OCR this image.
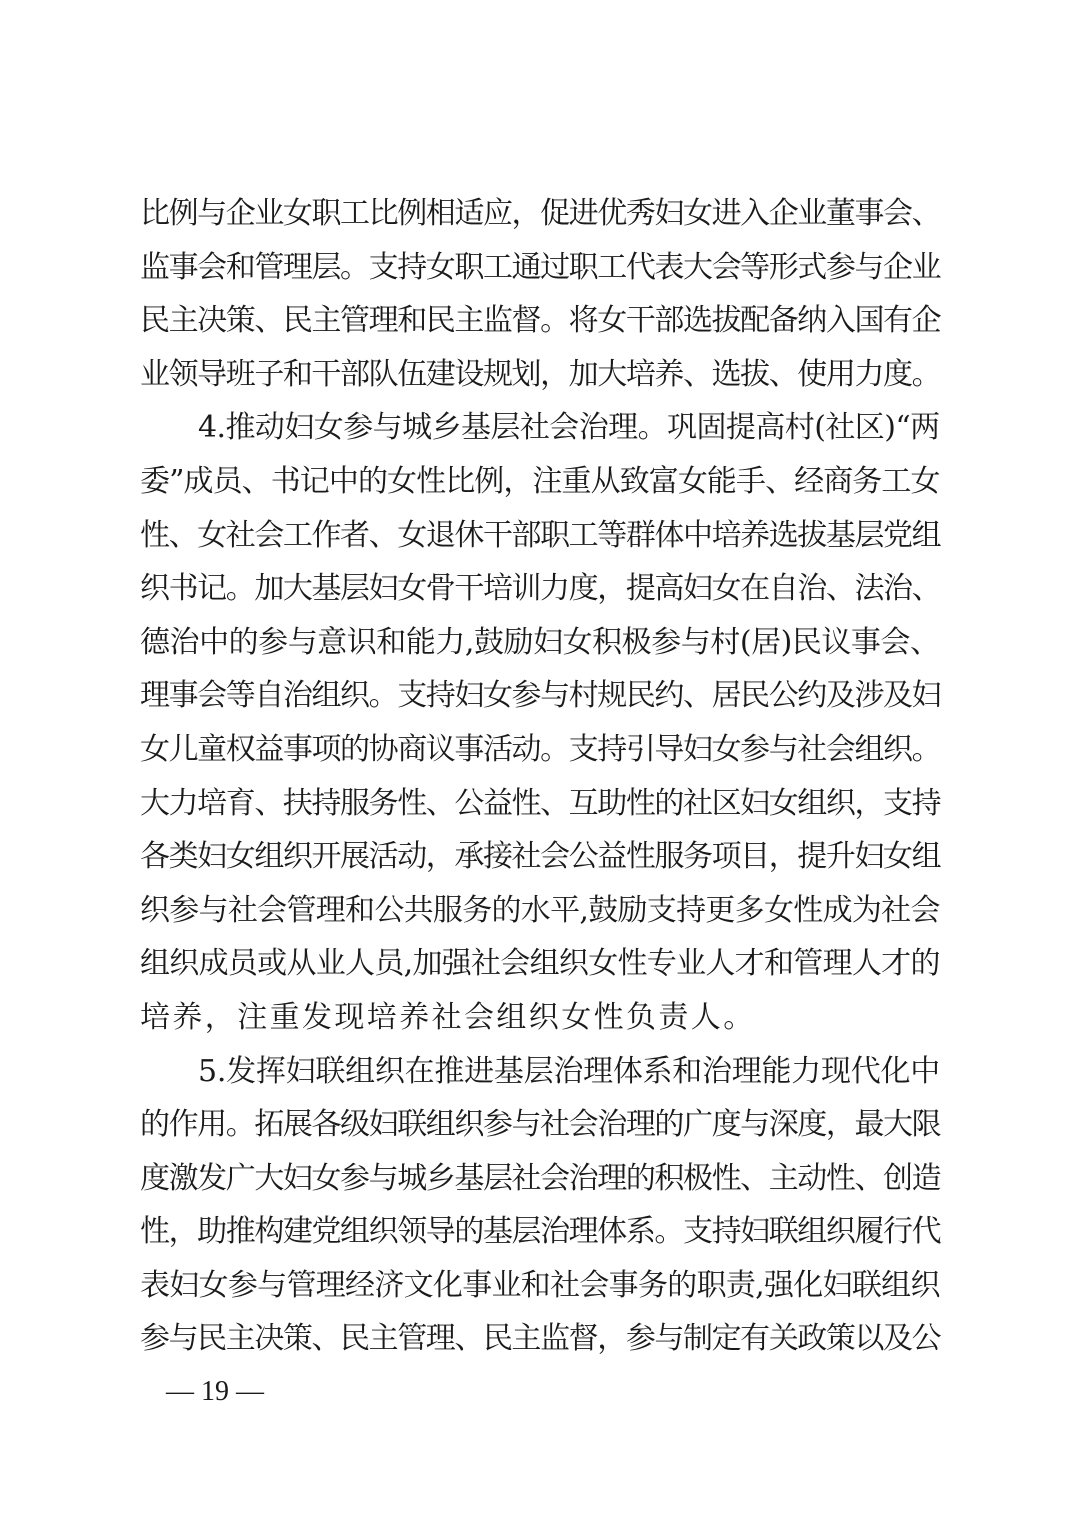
比例与企业女职工比例相适应，促进优秀妇女进入企业董事会、
监事会和管理层。支持女职工通过职工代表大会等形式参与企业
民主决策、民主管理和民主监督。将女干部选拔配备纳入国有企
业领导班子和干部队伍建设规划，加大培养、选拔、使用力度。
4.推动妇女参与城乡基层社会治理。巩固提高村(社区)“两
委”成员、书记中的女性比例，注重从致富女能手、经商务工女
性、女社会工作者、女退休干部职工等群体中培养选拔基层党组
织书记。加大基层妇女骨干培训力度，提高妇女在自治、法治、
德治中的参与意识和能力,鼓励妇女积极参与村(居)民议事会、
理事会等自治组织。支持妇女参与村规民约、居民公约及涉及妇
女儿童权益事项的协商议事活动。支持引导妇女参与社会组织。
大力培育、扶持服务性、公益性、互助性的社区妇女组织，支持
各类妇女组织开展活动，承接社会公益性服务项目，提升妇女组
织参与社会管理和公共服务的水平,鼓励支持更多女性成为社会
组织成员或从业人员,加强社会组织女性专业人才和管理人才的
培养，注重发现培养社会组织女性负责人。
5.发挥妇联组织在推进基层治理体系和治理能力现代化中
的作用。拓展各级妇联组织参与社会治理的广度与深度，最大限
度激发广大妇女参与城乡基层社会治理的积极性、主动性、创造
性，助推构建党组织领导的基层治理体系。支持妇联组织履行代
表妇女参与管理经济文化事业和社会事务的职责,强化妇联组织
参与民主决策、民主管理、民主监督，参与制定有关政策以及公
— 19 —
